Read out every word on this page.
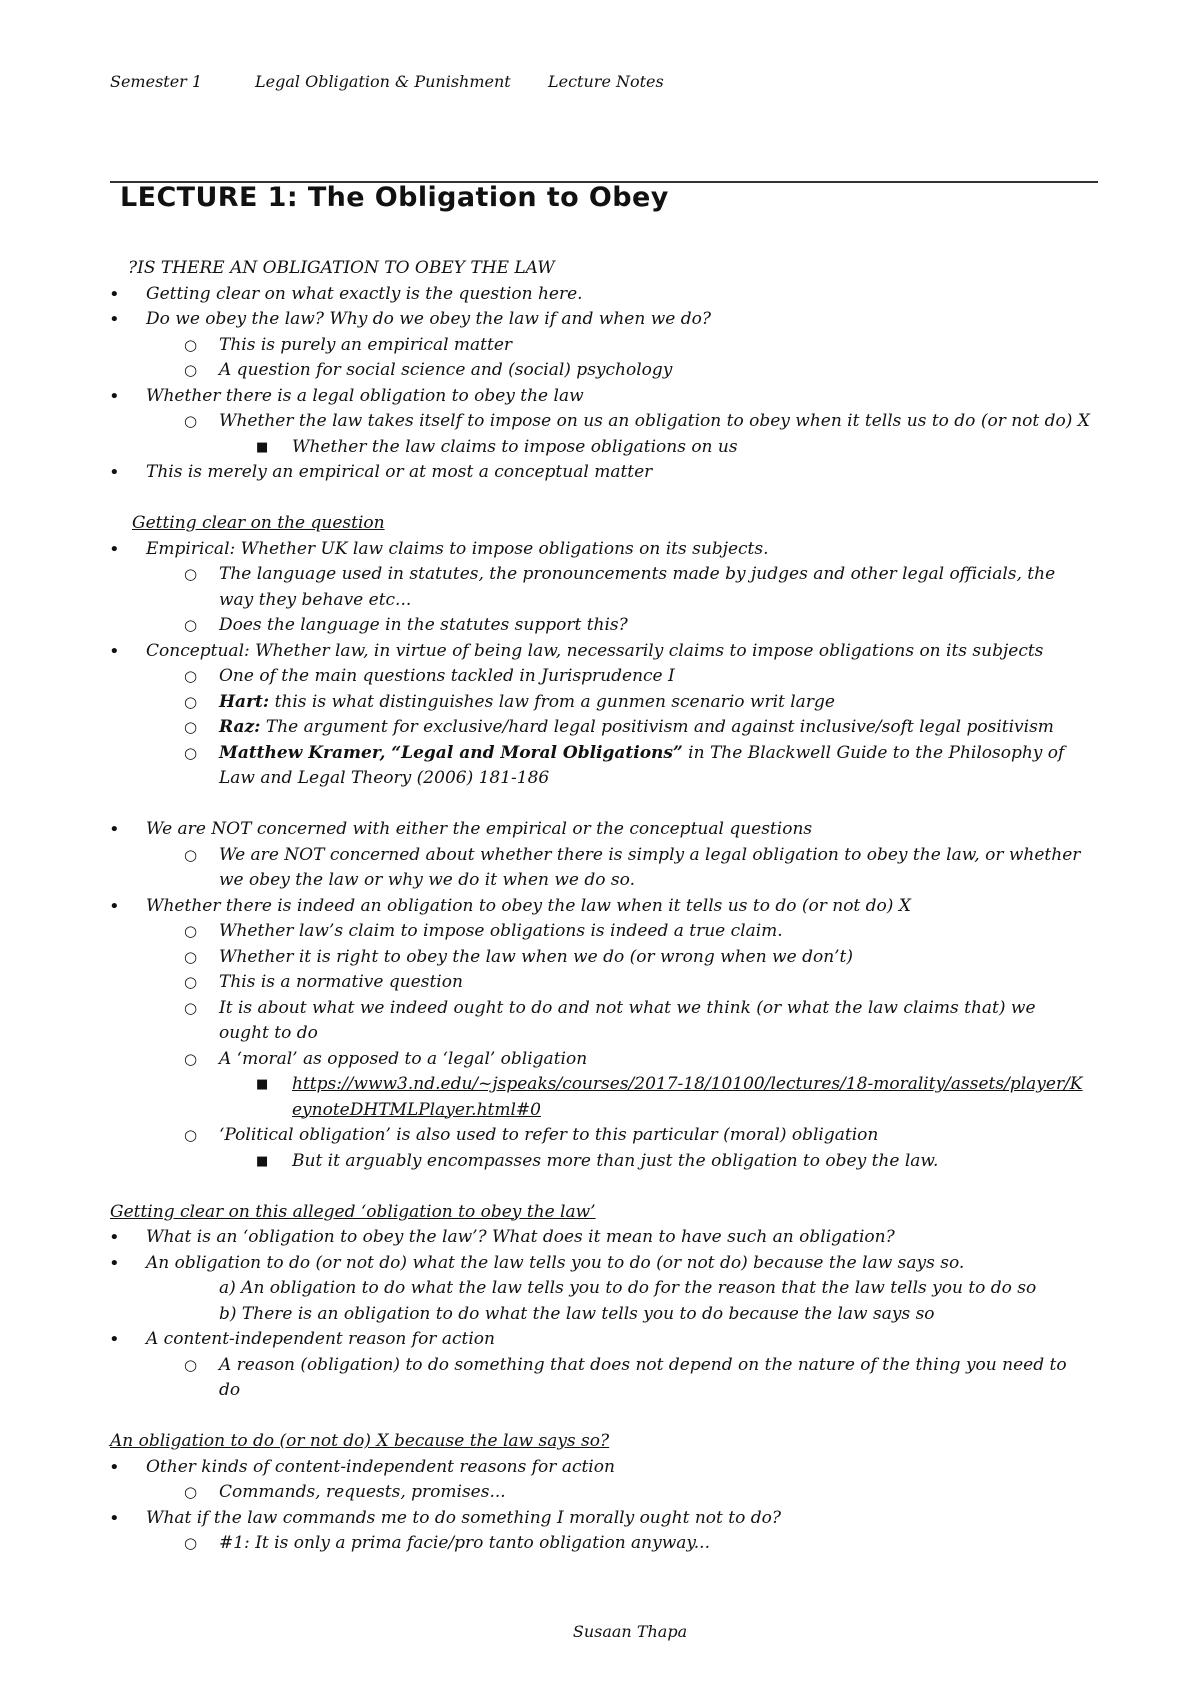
Semester 1	Legal Obligation & Punishment Lecture Notes
LECTURE 1: The Obligation to Obey
?IS THERE AN OBLIGATION TO OBEY THE LAW
•	Getting clear on what exactly is the question here.
•	Do we obey the law? Why do we obey the law if and when we do?
○	This is purely an empirical matter
○	A question for social science and (social) psychology
•	Whether there is a legal obligation to obey the law
○	Whether the law takes itself to impose on us an obligation to obey when it tells us to do (or not do) X
■	Whether the law claims to impose obligations on us
•	This is merely an empirical or at most a conceptual matter
Getting clear on the question
•	Empirical: Whether UK law claims to impose obligations on its subjects.
○	The language used in statutes, the pronouncements made by judges and other legal officials, the way they behave etc...
○	Does the language in the statutes support this?
•	Conceptual: Whether law, in virtue of being law, necessarily claims to impose obligations on its subjects
○	One of the main questions tackled in Jurisprudence I
○	Hart: this is what distinguishes law from a gunmen scenario writ large
○	Raz: The argument for exclusive/hard legal positivism and against inclusive/soft legal positivism
○	Matthew Kramer, “Legal and Moral Obligations” in The Blackwell Guide to the Philosophy of Law and Legal Theory (2006) 181-186
•	We are NOT concerned with either the empirical or the conceptual questions
○	We are NOT concerned about whether there is simply a legal obligation to obey the law, or whether we obey the law or why we do it when we do so.
•	Whether there is indeed an obligation to obey the law when it tells us to do (or not do) X
○	Whether law’s claim to impose obligations is indeed a true claim.
○	Whether it is right to obey the law when we do (or wrong when we don’t)
○	This is a normative question
○	It is about what we indeed ought to do and not what we think (or what the law claims that) we ought to do
○	A ‘moral’ as opposed to a ‘legal’ obligation
■	https://www3.nd.edu/~jspeaks/courses/2017-18/10100/lectures/18-morality/assets/player/KeynoteDHTMLPlayer.html#0
○	‘Political obligation’ is also used to refer to this particular (moral) obligation
■	But it arguably encompasses more than just the obligation to obey the law.
Getting clear on this alleged ‘obligation to obey the law’
•	What is an ‘obligation to obey the law’? What does it mean to have such an obligation?
•	An obligation to do (or not do) what the law tells you to do (or not do) because the law says so.
a) An obligation to do what the law tells you to do for the reason that the law tells you to do so
b) There is an obligation to do what the law tells you to do because the law says so
•	A content-independent reason for action
○	A reason (obligation) to do something that does not depend on the nature of the thing you need to do
An obligation to do (or not do) X because the law says so?
•	Other kinds of content-independent reasons for action
○	Commands, requests, promises...
•	What if the law commands me to do something I morally ought not to do?
○	#1: It is only a prima facie/pro tanto obligation anyway...
Susaan Thapa
